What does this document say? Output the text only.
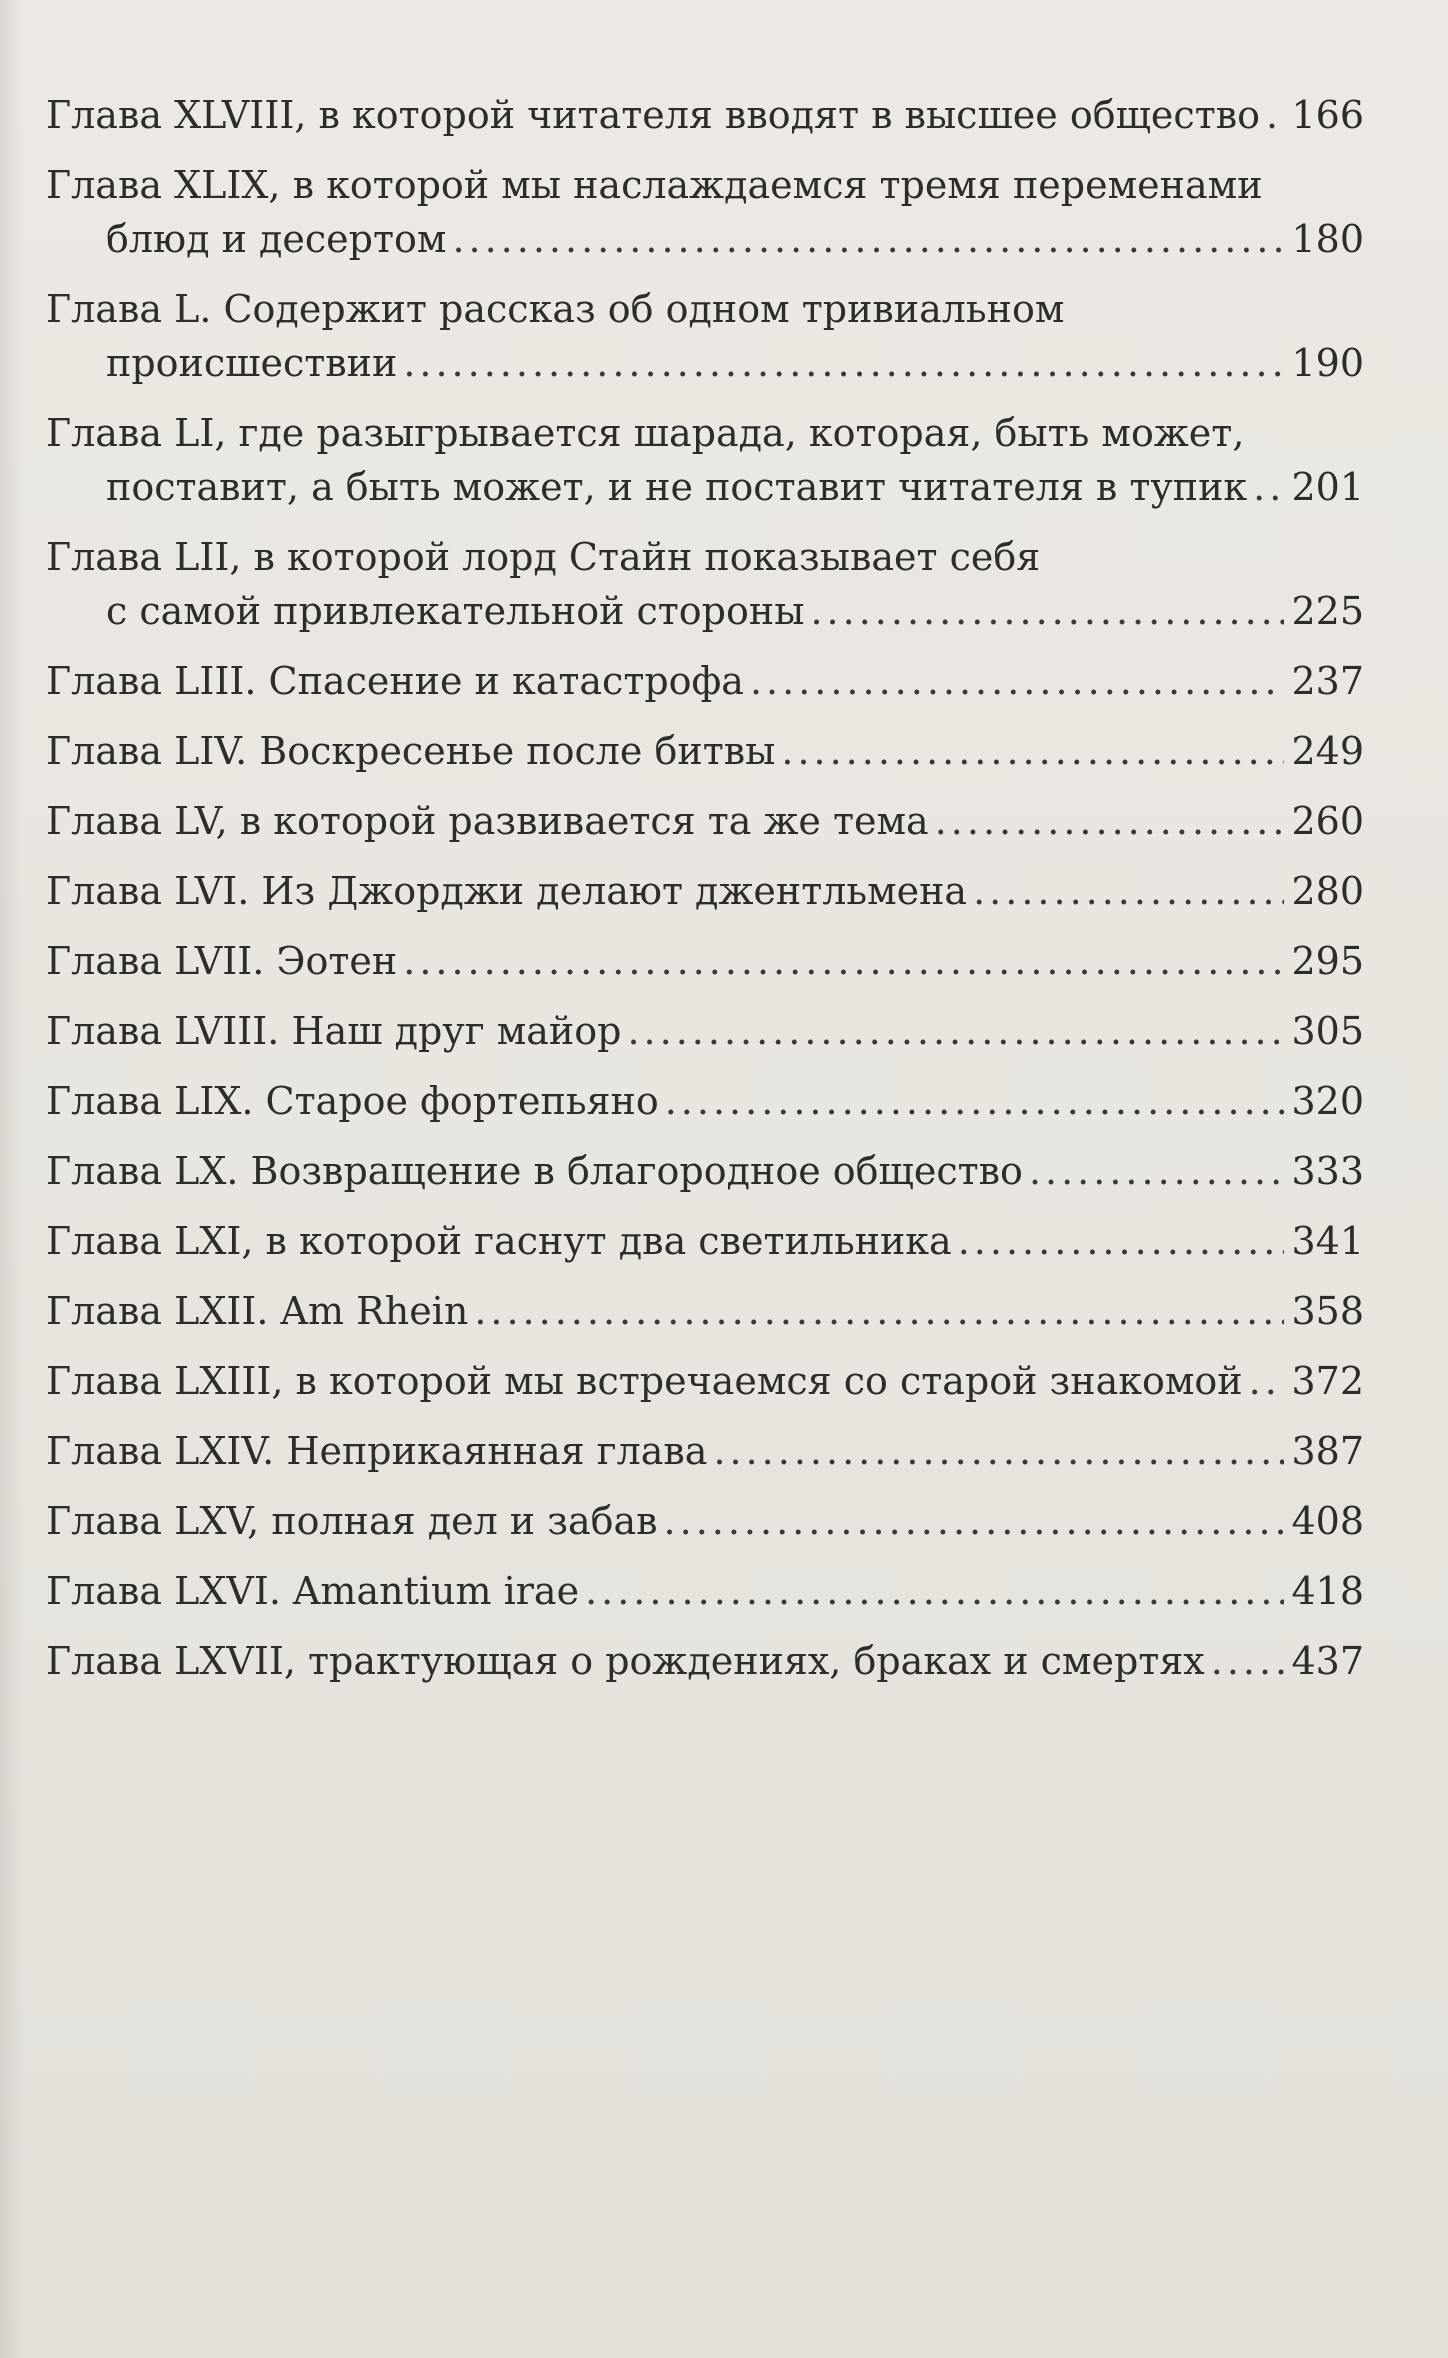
Глава XLVIII, в которой читателя вводят в высшее общество ..... 166
Глава XLIX, в которой мы наслаждаемся тремя переменами
блюд и десертом .....	180
Глава L. Содержит рассказ об одном тривиальном
происшествии .....	190
Глава LI, где разыгрывается шарада, которая, быть может,
поставит, а быть может, и не поставит читателя в тупик ..... 201
Глава LII, в которой лорд Стайн показывает себя
с самой привлекательной стороны .....	225
Глава LIII. Спасение и катастрофа .....	237
Глава LIV. Воскресенье после битвы .....	249
Глава LV, в которой развивается та же тема .....	260
Глава LVI. Из Джорджи делают джентльмена .....	280
Глава LVII. Эотен .....	295
Глава LVIII. Наш друг майор .....	305
Глава LIX. Старое фортепьяно .....	320
Глава LX. Возвращение в благородное общество .....	333
Глава LXI, в которой гаснут два светильника .....	341
Глава LXII. Am Rhein .....	358
Глава LXIII, в которой мы встречаемся со старой знакомой ..... 372
Глава LXIV. Неприкаянная глава .....	387
Глава LXV, полная дел и забав .....	408
Глава LXVI. Amantium irae .....	418
Глава LXVII, трактующая о рождениях, браках и смертях ..... 437
